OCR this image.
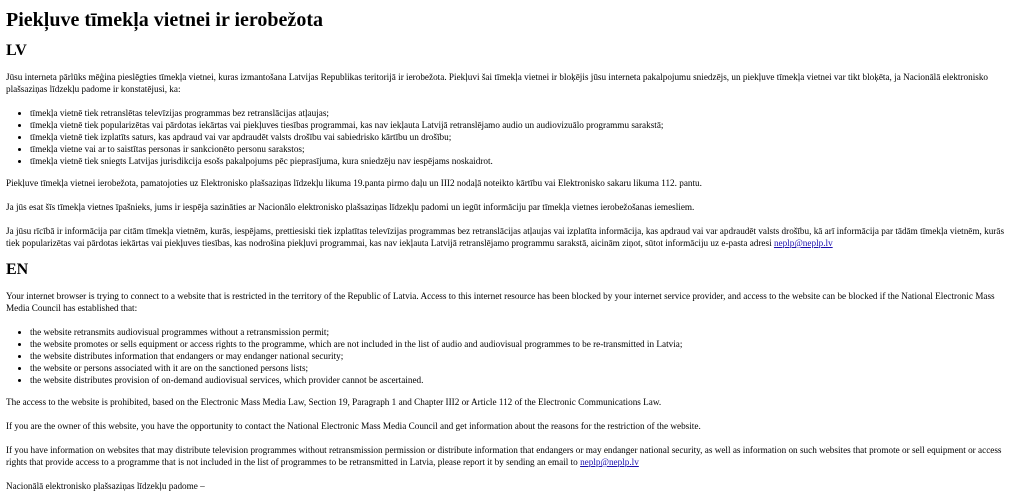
Piekļuve tīmekļa vietnei ir ierobežota
LV

Jūsu interneta pārlūks mēģina pieslēgties tīmekļa vietnei, kuras izmantošana Latvijas Republikas teritorijā ir ierobežota. Piekļuvi šai tīmekļa vietnei ir bloķējis jūsu interneta pakalpojumu sniedzējs, un piekļuve tīmekļa vietnei var tikt bloķēta, ja Nacionālā elektronisko plašsaziņas līdzekļu padome ir konstatējusi, ka:

• tīmekļa vietnē tiek retranslētas televīzijas programmas bez retranslācijas atļaujas;
• tīmekļa vietnē tiek popularizētas vai pārdotas iekārtas vai piekļuves tiesības programmai, kas nav iekļauta Latvijā retranslējamo audio un audiovizuālo programmu sarakstā;
• tīmekļa vietnē tiek izplatīts saturs, kas apdraud vai var apdraudēt valsts drošību vai sabiedrisko kārtību un drošību;
• tīmekļa vietne vai ar to saistītas personas ir sankcionēto personu sarakstos;
• tīmekļa vietnē tiek sniegts Latvijas jurisdikcija esošs pakalpojums pēc pieprasījuma, kura sniedzēju nav iespējams noskaidrot.

Piekļuve tīmekļa vietnei ierobežota, pamatojoties uz Elektronisko plašsaziņas līdzekļu likuma 19.panta pirmo daļu un III2 nodaļā noteikto kārtību vai Elektronisko sakaru likuma 112. pantu.

Ja jūs esat šīs tīmekļa vietnes īpašnieks, jums ir iespēja sazināties ar Nacionālo elektronisko plašsaziņas līdzekļu padomi un iegūt informāciju par tīmekļa vietnes ierobežošanas iemesliem.

Ja jūsu rīcībā ir informācija par citām tīmekļa vietnēm, kurās, iespējams, prettiesiski tiek izplatītas televīzijas programmas bez retranslācijas atļaujas vai izplatīta informācija, kas apdraud vai var apdraudēt valsts drošību, kā arī informācija par tādām tīmekļa vietnēm, kurās tiek popularizētas vai pārdotas iekārtas vai piekļuves tiesības, kas nodrošina piekļuvi programmai, kas nav iekļauta Latvijā retranslējamo programmu sarakstā, aicinām ziņot, sūtot informāciju uz e-pasta adresi neplp@neplp.lv

EN

Your internet browser is trying to connect to a website that is restricted in the territory of the Republic of Latvia. Access to this internet resource has been blocked by your internet service provider, and access to the website can be blocked if the National Electronic Mass Media Council has established that:

• the website retransmits audiovisual programmes without a retransmission permit;
• the website promotes or sells equipment or access rights to the programme, which are not included in the list of audio and audiovisual programmes to be re-transmitted in Latvia;
• the website distributes information that endangers or may endanger national security;
• the website or persons associated with it are on the sanctioned persons lists;
• the website distributes provision of on-demand audiovisual services, which provider cannot be ascertained.

The access to the website is prohibited, based on the Electronic Mass Media Law, Section 19, Paragraph 1 and Chapter III2 or Article 112 of the Electronic Communications Law.

If you are the owner of this website, you have the opportunity to contact the National Electronic Mass Media Council and get information about the reasons for the restriction of the website.

If you have information on websites that may distribute television programmes without retransmission permission or distribute information that endangers or may endanger national security, as well as information on such websites that promote or sell equipment or access rights that provide access to a programme that is not included in the list of programmes to be retransmitted in Latvia, please report it by sending an email to neplp@neplp.lv

Nacionālā elektronisko plašsaziņas līdzekļu padome –
